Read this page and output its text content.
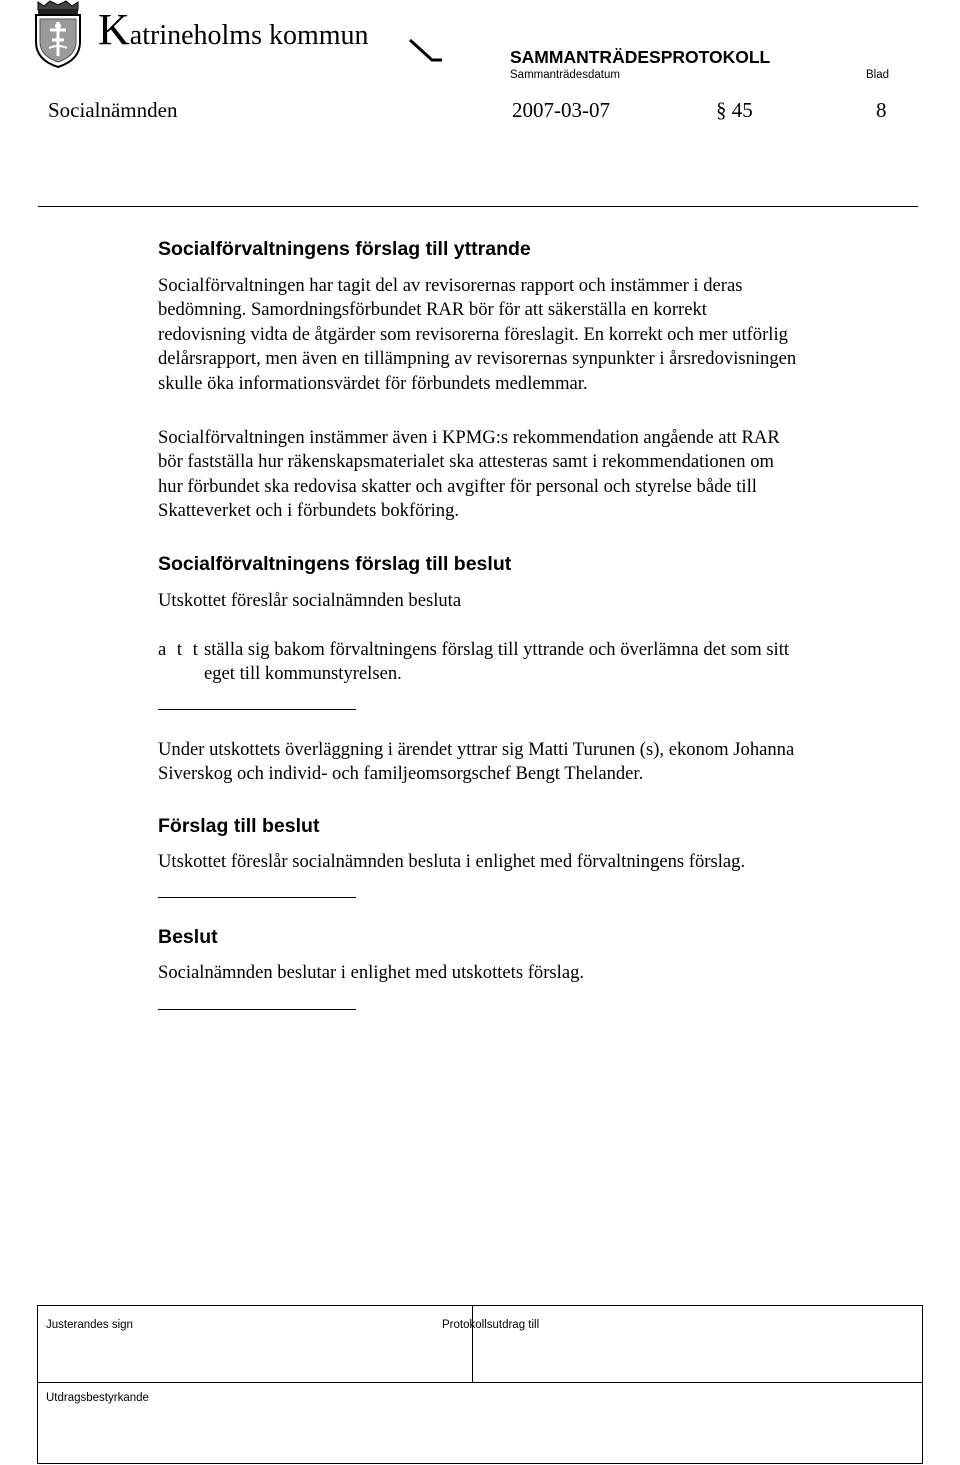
Katrineholms kommun
SAMMANTRÄDESPROTOKOLL
Sammanträdesdatum	Blad
Socialnämnden	2007-03-07	§ 45	8
Socialförvaltningens förslag till yttrande
Socialförvaltningen har tagit del av revisorernas rapport och instämmer i deras
bedömning. Samordningsförbundet RAR bör för att säkerställa en korrekt
redovisning vidta de åtgärder som revisorerna föreslagit. En korrekt och mer utförlig
delårsrapport, men även en tillämpning av revisorernas synpunkter i årsredovisningen
skulle öka informationsvärdet för förbundets medlemmar.
Socialförvaltningen instämmer även i KPMG:s rekommendation angående att RAR
bör fastställa hur räkenskapsmaterialet ska attesteras samt i rekommendationen om
hur förbundet ska redovisa skatter och avgifter för personal och styrelse både till
Skatteverket och i förbundets bokföring.
Socialförvaltningens förslag till beslut
Utskottet föreslår socialnämnden besluta
a t t ställa sig bakom förvaltningens förslag till yttrande och överlämna det som sitt
eget till kommunstyrelsen.
Under utskottets överläggning i ärendet yttrar sig Matti Turunen (s), ekonom Johanna
Siverskog och individ- och familjeomsorgschef Bengt Thelander.
Förslag till beslut
Utskottet föreslår socialnämnden besluta i enlighet med förvaltningens förslag.
Beslut
Socialnämnden beslutar i enlighet med utskottets förslag.
Justerandes sign	Protokollsutdrag till
Utdragsbestyrkande
